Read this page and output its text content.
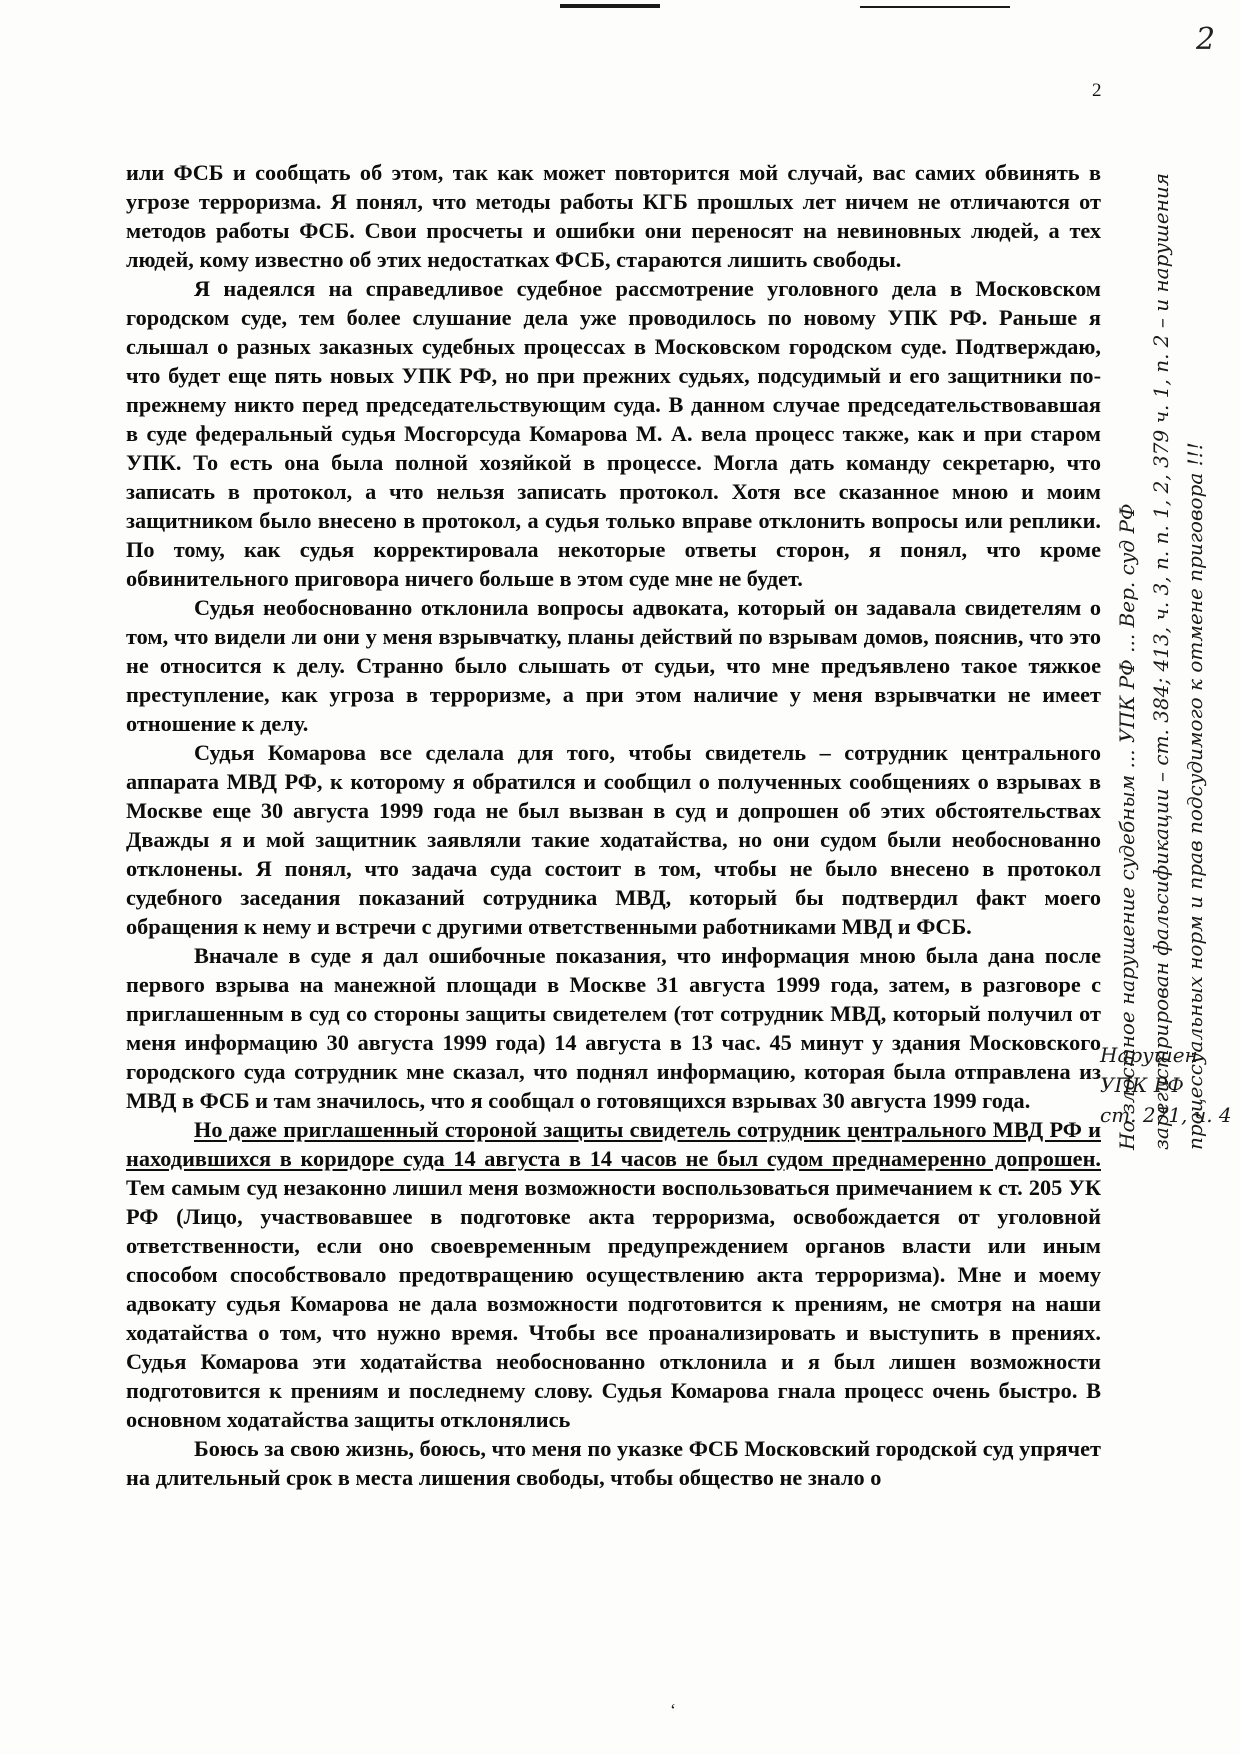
2
2

или ФСБ и сообщать об этом, так как может повторится мой случай, вас самих обвинять в угрозе терроризма. Я понял, что методы работы КГБ прошлых лет ничем не отличаются от методов работы ФСБ. Свои просчеты и ошибки они переносят на невиновных людей, а тех людей, кому известно об этих недостатках ФСБ, стараются лишить свободы.

Я надеялся на справедливое судебное рассмотрение уголовного дела в Московском городском суде, тем более слушание дела уже проводилось по новому УПК РФ. Раньше я слышал о разных заказных судебных процессах в Московском городском суде. Подтверждаю, что будет еще пять новых УПК РФ, но при прежних судьях, подсудимый и его защитники по-прежнему никто перед председательствующим суда. В данном случае председательствовавшая в суде федеральный судья Мосгорсуда Комарова М. А. вела процесс также, как и при старом УПК. То есть она была полной хозяйкой в процессе. Могла дать команду секретарю, что записать в протокол, а что нельзя записать протокол. Хотя все сказанное мною и моим защитником было внесено в протокол, а судья только вправе отклонить вопросы или реплики. По тому, как судья корректировала некоторые ответы сторон, я понял, что кроме обвинительного приговора ничего больше в этом суде мне не будет.

Судья необоснованно отклонила вопросы адвоката, который он задавала свидетелям о том, что видели ли они у меня взрывчатку, планы действий по взрывам домов, пояснив, что это не относится к делу. Странно было слышать от судьи, что мне предъявлено такое тяжкое преступление, как угроза в терроризме, а при этом наличие у меня взрывчатки не имеет отношение к делу.

Судья Комарова все сделала для того, чтобы свидетель – сотрудник центрального аппарата МВД РФ, к которому я обратился и сообщил о полученных сообщениях о взрывах в Москве еще 30 августа 1999 года не был вызван в суд и допрошен об этих обстоятельствах Дважды я и мой защитник заявляли такие ходатайства, но они судом были необоснованно отклонены. Я понял, что задача суда состоит в том, чтобы не было внесено в протокол судебного заседания показаний сотрудника МВД, который бы подтвердил факт моего обращения к нему и встречи с другими ответственными работниками МВД и ФСБ.

Вначале в суде я дал ошибочные показания, что информация мною была дана после первого взрыва на манежной площади в Москве 31 августа 1999 года, затем, в разговоре с приглашенным в суд со стороны защиты свидетелем (тот сотрудник МВД, который получил от меня информацию 30 августа 1999 года) 14 августа в 13 час. 45 минут у здания Московского городского суда сотрудник мне сказал, что поднял информацию, которая была отправлена из МВД в ФСБ и там значилось, что я сообщал о готовящихся взрывах 30 августа 1999 года.

Но даже приглашенный стороной защиты свидетель сотрудник центрального МВД РФ и находившихся в коридоре суда 14 августа в 14 часов не был судом преднамеренно допрошен. Тем самым суд незаконно лишил меня возможности воспользоваться примечанием к ст. 205 УК РФ (Лицо, участвовавшее в подготовке акта терроризма, освобождается от уголовной ответственности, если оно своевременным предупреждением органов власти или иным способом способствовало предотвращению осуществлению акта терроризма). Мне и моему адвокату судья Комарова не дала возможности подготовится к прениям, не смотря на наши ходатайства о том, что нужно время. Чтобы все проанализировать и выступить в прениях. Судья Комарова эти ходатайства необоснованно отклонила и я был лишен возможности подготовится к прениям и последнему слову. Судья Комарова гнала процесс очень быстро. В основном ходатайства защиты отклонялись

Боюсь за свою жизнь, боюсь, что меня по указке ФСБ Московский городской суд упрячет на длительный срок в места лишения свободы, чтобы общество не знало о

Но злостное нарушение судебным ... УПК РФ ... Вер. суд РФ зарегистрирован фальсификации – ст. 384; 413, ч. 3, п. п. 1, 2, 379 ч. 1, п. 2 – и нарушения процессуальных норм и прав подсудимого к отмене приговора !!!
Нарушен
УПК РФ
ст. 271, ч. 4
‘
